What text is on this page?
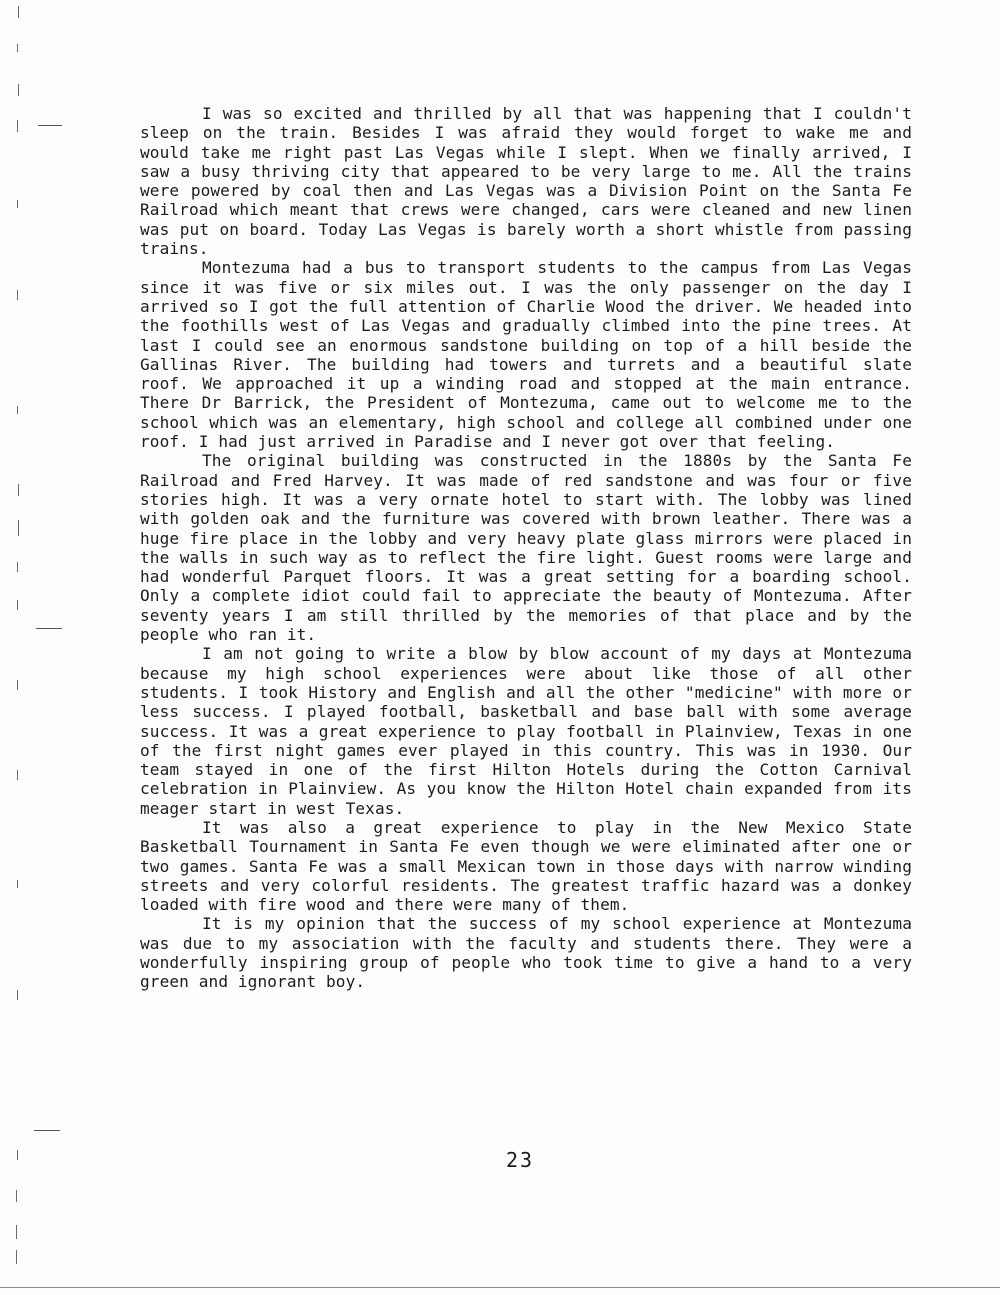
I was so excited and thrilled by all that was happening that I couldn't sleep on the train. Besides I was afraid they would forget to wake me and would take me right past Las Vegas while I slept. When we finally arrived, I saw a busy thriving city that appeared to be very large to me. All the trains were powered by coal then and Las Vegas was a Division Point on the Santa Fe Railroad which meant that crews were changed, cars were cleaned and new linen was put on board. Today Las Vegas is barely worth a short whistle from passing trains.

Montezuma had a bus to transport students to the campus from Las Vegas since it was five or six miles out. I was the only passenger on the day I arrived so I got the full attention of Charlie Wood the driver. We headed into the foothills west of Las Vegas and gradually climbed into the pine trees. At last I could see an enormous sandstone building on top of a hill beside the Gallinas River. The building had towers and turrets and a beautiful slate roof. We approached it up a winding road and stopped at the main entrance. There Dr Barrick, the President of Montezuma, came out to welcome me to the school which was an elementary, high school and college all combined under one roof. I had just arrived in Paradise and I never got over that feeling.

The original building was constructed in the 1880s by the Santa Fe Railroad and Fred Harvey. It was made of red sandstone and was four or five stories high. It was a very ornate hotel to start with. The lobby was lined with golden oak and the furniture was covered with brown leather. There was a huge fire place in the lobby and very heavy plate glass mirrors were placed in the walls in such way as to reflect the fire light. Guest rooms were large and had wonderful Parquet floors. It was a great setting for a boarding school. Only a complete idiot could fail to appreciate the beauty of Montezuma. After seventy years I am still thrilled by the memories of that place and by the people who ran it.

I am not going to write a blow by blow account of my days at Montezuma because my high school experiences were about like those of all other students. I took History and English and all the other "medicine" with more or less success. I played football, basketball and base ball with some average success. It was a great experience to play football in Plainview, Texas in one of the first night games ever played in this country. This was in 1930. Our team stayed in one of the first Hilton Hotels during the Cotton Carnival celebration in Plainview. As you know the Hilton Hotel chain expanded from its meager start in west Texas.

It was also a great experience to play in the New Mexico State Basketball Tournament in Santa Fe even though we were eliminated after one or two games. Santa Fe was a small Mexican town in those days with narrow winding streets and very colorful residents. The greatest traffic hazard was a donkey loaded with fire wood and there were many of them.

It is my opinion that the success of my school experience at Montezuma was due to my association with the faculty and students there. They were a wonderfully inspiring group of people who took time to give a hand to a very green and ignorant boy.

23
